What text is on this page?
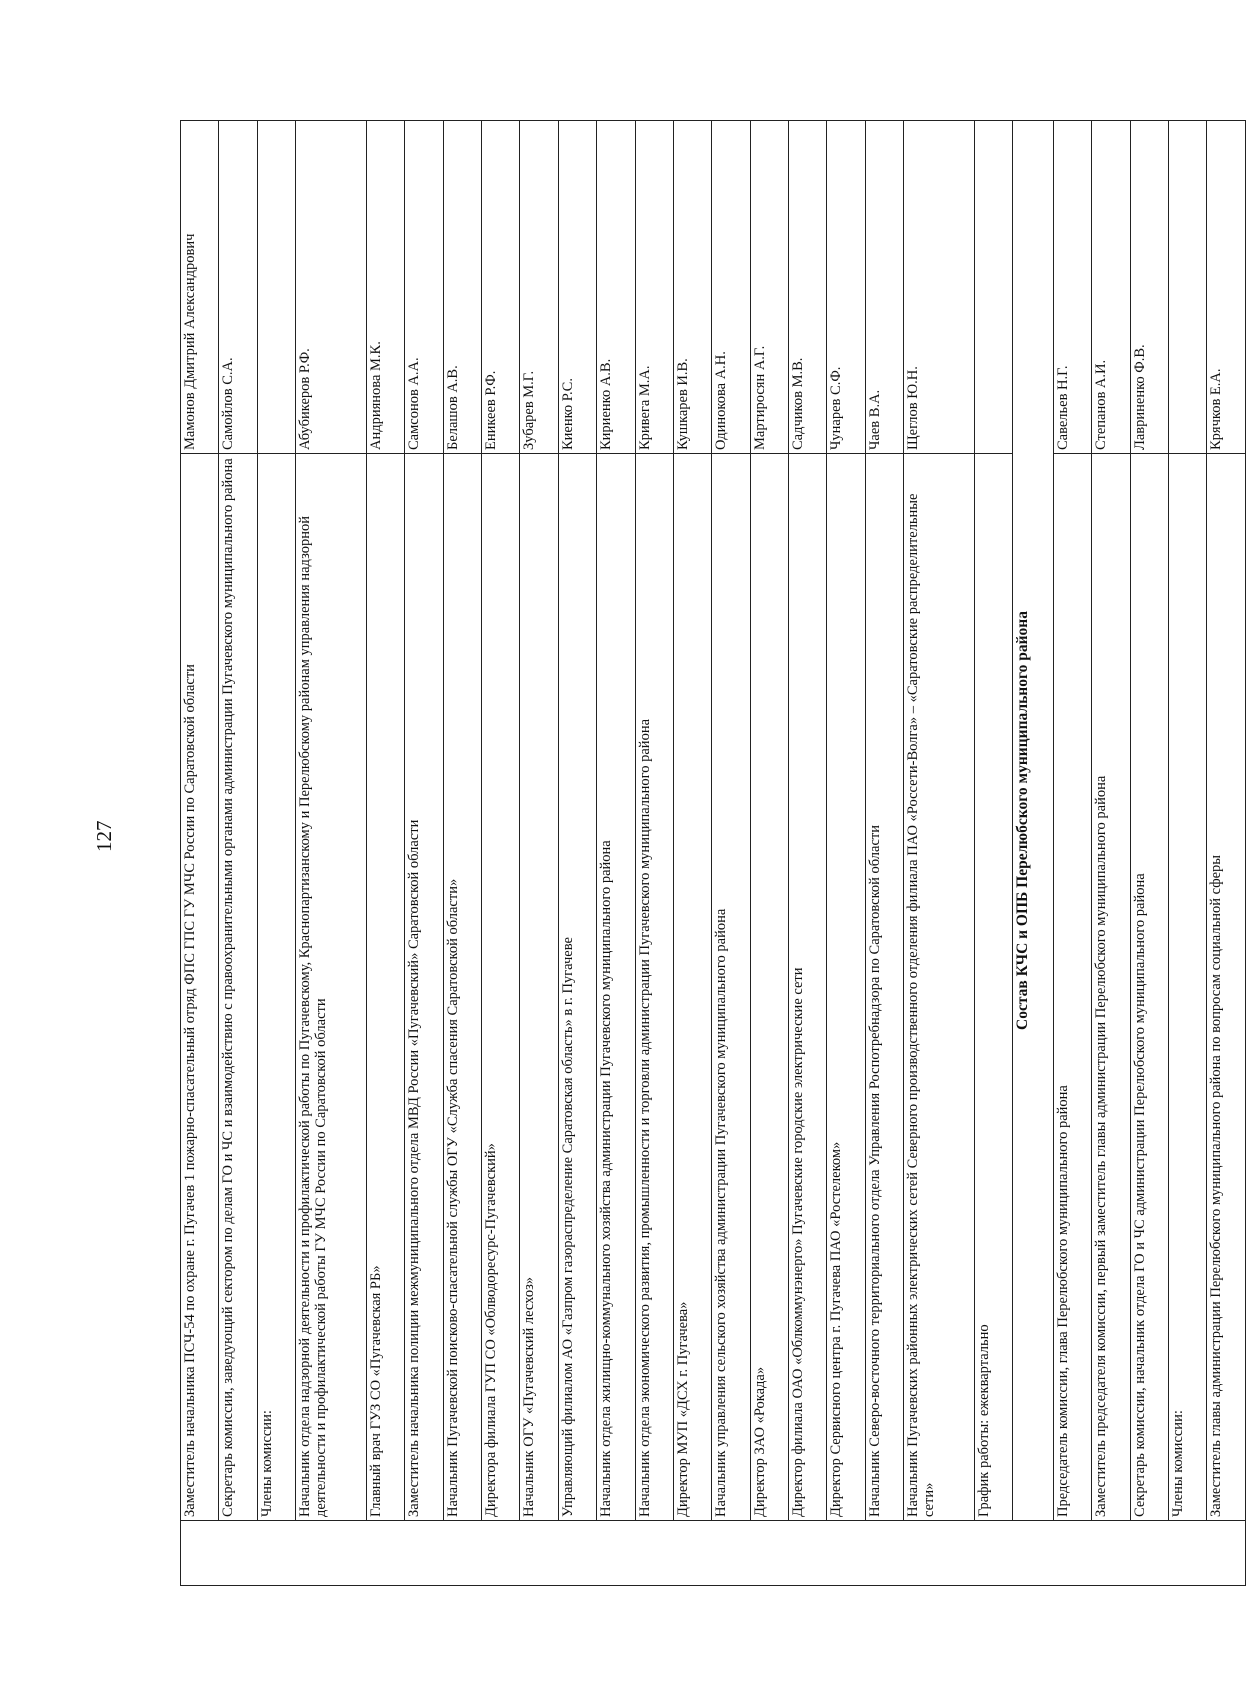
127
		Заместитель начальника ПСЧ-54 по охране г. Пугачев 1 пожарно-спасательный отряд ФПС ГПС ГУ МЧС России по Саратовской области	Мамонов Дмитрий Александрович
	Секретарь комиссии, заведующий сектором по делам ГО и ЧС и взаимодействию с правоохранительными органами администрации Пугачевского муниципального района	Самойлов С.А.
	Члены комиссии:	
	Начальник отдела надзорной деятельности и профилактической работы по Пугачевскому, Краснопартизанскому и Перелюбскому районам управления надзорной деятельности и профилактической работы ГУ МЧС России по Саратовской области	Абубикеров Р.Ф.
	Главный врач ГУЗ СО «Пугачевская РБ»	Андриянова М.К.
	Заместитель начальника полиции межмуниципального отдела МВД России «Пугачевский» Саратовской области	Самсонов А.А.
	Начальник Пугачевской поисково-спасательной службы ОГУ «Служба спасения Саратовской области»	Белашов А.В.
	Директора филиала ГУП СО «Облводоресурс-Пугачевский»	Еникеев Р.Ф.
	Начальник ОГУ «Пугачевский лесхоз»	Зубарев М.Г.
	Управляющий филиалом АО «Газпром газораспределение Саратовская область» в г. Пугачеве	Киенко Р.С.
	Начальник отдела жилищно-коммунального хозяйства администрации Пугачевского муниципального района	Кириенко А.В.
	Начальник отдела экономического развития, промышленности и торговли администрации Пугачевского муниципального района	Кривега М.А.
	Директор МУП «ДСХ г. Пугачева»	Кушкарев И.В.
	Начальник управления сельского хозяйства администрации Пугачевского муниципального района	Одинокова А.Н.
	Директор ЗАО «Рокада»	Мартиросян А.Г.
	Директор филиала ОАО «Облкоммунэнерго» Пугачевские городские электрические сети	Садчиков М.В.
	Директор Сервисного центра г. Пугачева ПАО «Ростелеком»	Чунарев С.Ф.
	Начальник Северо-восточного территориального отдела Управления Роспотребнадзора по Саратовской области	Чаев В.А.
	Начальник Пугачевских районных электрических сетей Северного производственного отделения филиала ПАО «Россети-Волга» – «Саратовские распределительные сети»	Щеглов Ю.Н.
	График работы: ежеквартально	
	Состав КЧС и ОПБ Перелюбского муниципального района	
	Председатель комиссии, глава Перелюбского муниципального района	Савельев Н.Г.
	Заместитель председателя комиссии, первый заместитель главы администрации Перелюбского муниципального района	Степанов А.И.
	Секретарь комиссии, начальник отдела ГО и ЧС администрации Перелюбского муниципального района	Лавриненко Ф.В.
	Члены комиссии:	
	Заместитель главы администрации Перелюбского муниципального района по вопросам социальной сферы	Крячков Е.А.
